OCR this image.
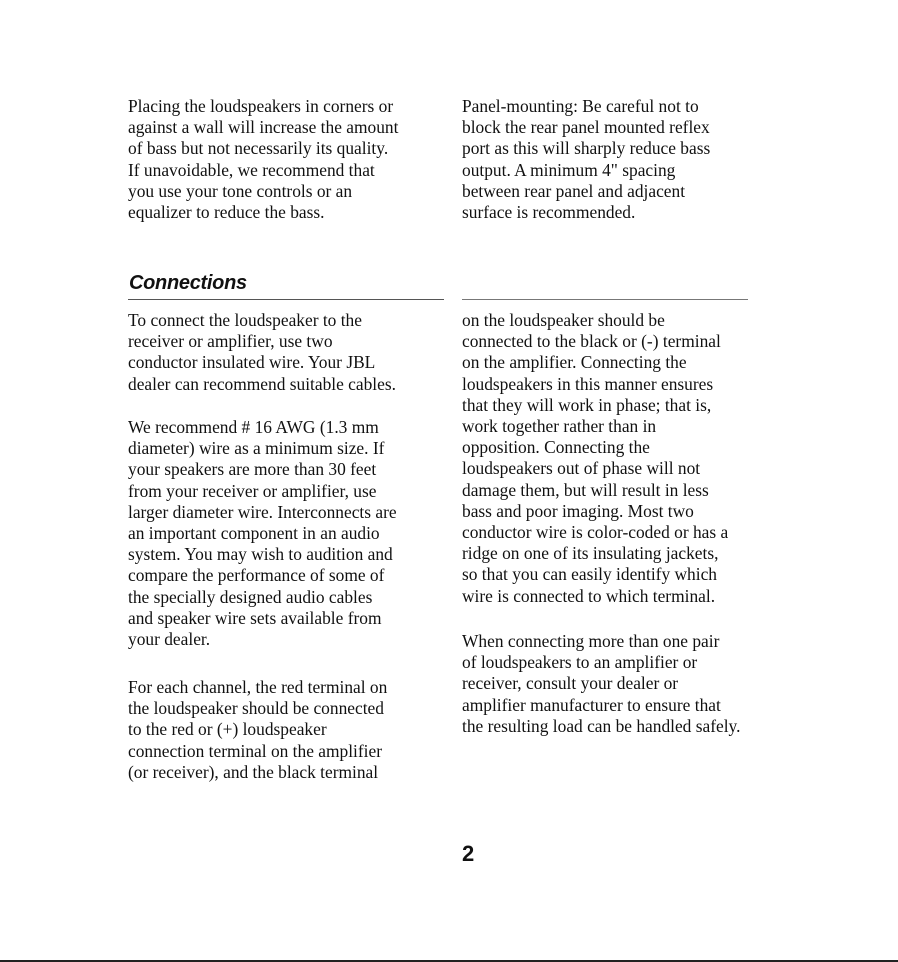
Placing the loudspeakers in corners or
against a wall will increase the amount
of bass but not necessarily its quality.
If unavoidable, we recommend that
you use your tone controls or an
equalizer to reduce the bass.

Panel-mounting: Be careful not to
block the rear panel mounted reflex
port as this will sharply reduce bass
output. A minimum 4" spacing
between rear panel and adjacent
surface is recommended.

Connections

To connect the loudspeaker to the
receiver or amplifier, use two
conductor insulated wire. Your JBL
dealer can recommend suitable cables.

We recommend # 16 AWG (1.3 mm
diameter) wire as a minimum size. If
your speakers are more than 30 feet
from your receiver or amplifier, use
larger diameter wire. Interconnects are
an important component in an audio
system. You may wish to audition and
compare the performance of some of
the specially designed audio cables
and speaker wire sets available from
your dealer.

For each channel, the red terminal on
the loudspeaker should be connected
to the red or (+) loudspeaker
connection terminal on the amplifier
(or receiver), and the black terminal

on the loudspeaker should be
connected to the black or (-) terminal
on the amplifier. Connecting the
loudspeakers in this manner ensures
that they will work in phase; that is,
work together rather than in
opposition. Connecting the
loudspeakers out of phase will not
damage them, but will result in less
bass and poor imaging. Most two
conductor wire is color-coded or has a
ridge on one of its insulating jackets,
so that you can easily identify which
wire is connected to which terminal.

When connecting more than one pair
of loudspeakers to an amplifier or
receiver, consult your dealer or
amplifier manufacturer to ensure that
the resulting load can be handled safely.

2
